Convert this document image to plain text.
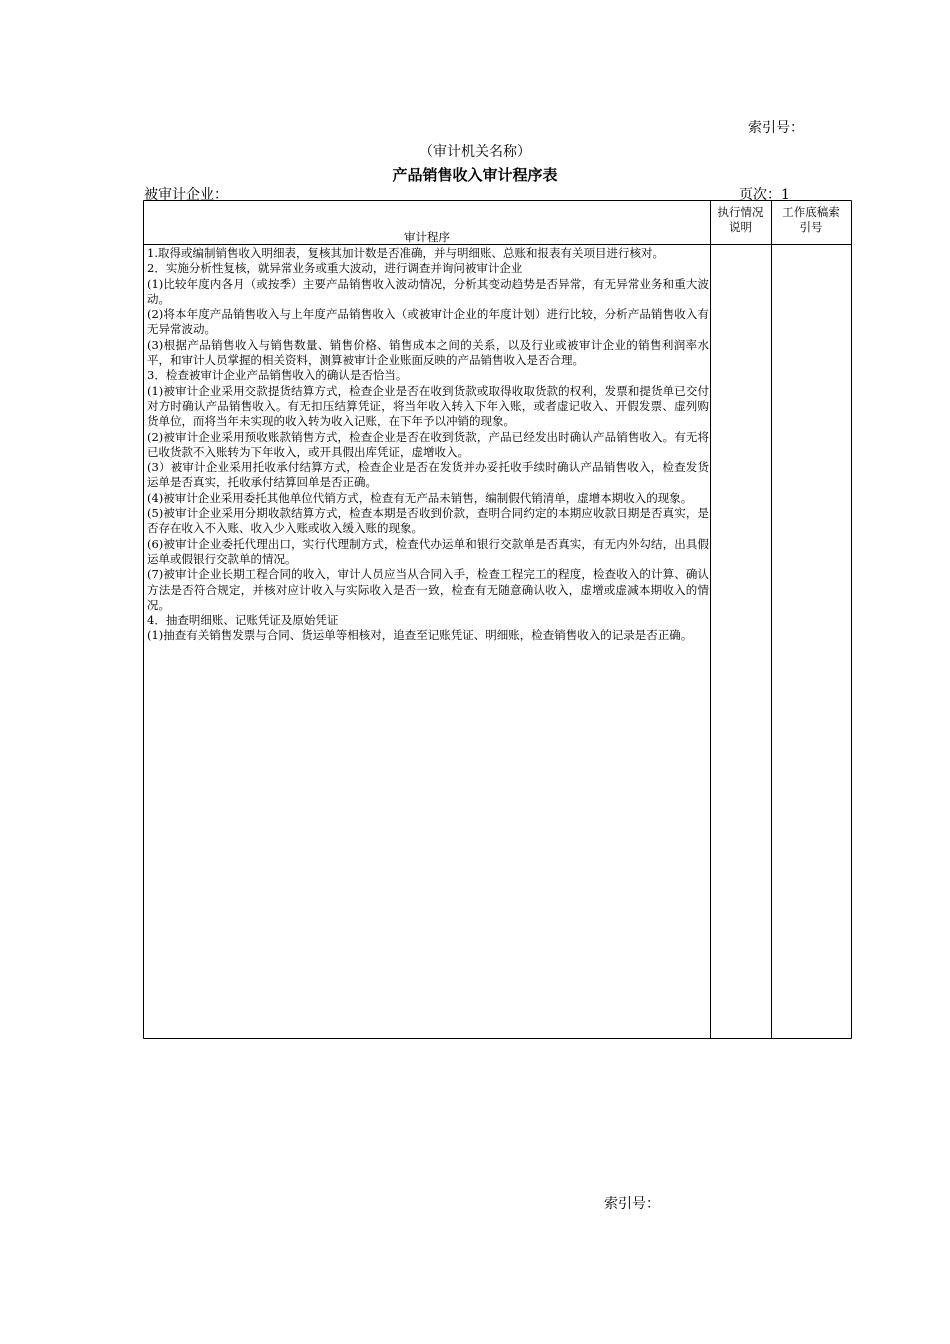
索引号：
（审计机关名称）
产品销售收入审计程序表
被审计企业：	页次：1
审计程序
执行情况
说明
工作底稿索
引号

1.取得或编制销售收入明细表，复核其加计数是否准确，并与明细账、总账和报表有关项目进行核对。

2．实施分析性复核，就异常业务或重大波动，进行调查并询问被审计企业

(1)比较年度内各月（或按季）主要产品销售收入波动情况，分析其变动趋势是否异常，有无异常业务和重大波动。

(2)将本年度产品销售收入与上年度产品销售收入（或被审计企业的年度计划）进行比较，分析产品销售收入有无异常波动。

(3)根据产品销售收入与销售数量、销售价格、销售成本之间的关系，以及行业或被审计企业的销售利润率水平，和审计人员掌握的相关资料，测算被审计企业账面反映的产品销售收入是否合理。

3．检查被审计企业产品销售收入的确认是否恰当。

(1)被审计企业采用交款提货结算方式，检查企业是否在收到货款或取得收取货款的权利，发票和提货单已交付对方时确认产品销售收入。有无扣压结算凭证，将当年收入转入下年入账，或者虚记收入、开假发票、虚列购货单位，而将当年未实现的收入转为收入记账，在下年予以冲销的现象。

(2)被审计企业采用预收账款销售方式，检查企业是否在收到货款，产品已经发出时确认产品销售收入。有无将已收货款不入账转为下年收入，或开具假出库凭证，虚增收入。

(3）被审计企业采用托收承付结算方式，检查企业是否在发货并办妥托收手续时确认产品销售收入，检查发货运单是否真实，托收承付结算回单是否正确。

(4)被审计企业采用委托其他单位代销方式，检查有无产品未销售，编制假代销清单，虚增本期收入的现象。

(5)被审计企业采用分期收款结算方式，检查本期是否收到价款，查明合同约定的本期应收款日期是否真实，是否存在收入不入账、收入少入账或收入缓入账的现象。

(6)被审计企业委托代理出口，实行代理制方式，检查代办运单和银行交款单是否真实，有无内外勾结，出具假运单或假银行交款单的情况。

(7)被审计企业长期工程合同的收入，审计人员应当从合同入手，检查工程完工的程度，检查收入的计算、确认方法是否符合规定，并核对应计收入与实际收入是否一致，检查有无随意确认收入，虚增或虚减本期收入的情况。

4．抽查明细账、记账凭证及原始凭证

(1)抽查有关销售发票与合同、货运单等相核对，追查至记账凭证、明细账，检查销售收入的记录是否正确。

索引号：
